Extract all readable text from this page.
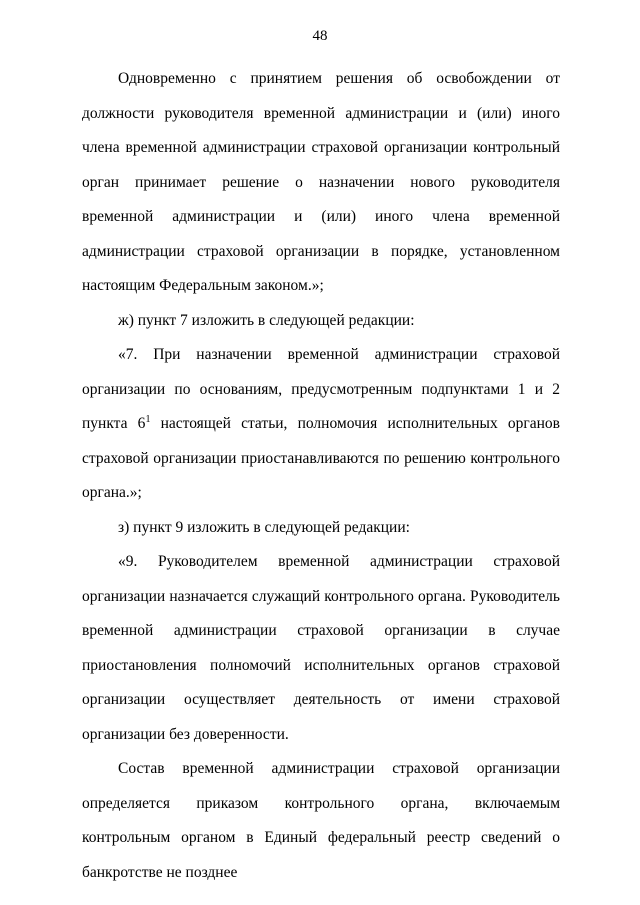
48

Одновременно с принятием решения об освобождении от должности руководителя временной администрации и (или) иного члена временной администрации страховой организации контрольный орган принимает решение о назначении нового руководителя временной администрации и (или) иного члена временной администрации страховой организации в порядке, установленном настоящим Федеральным законом.»;

ж) пункт 7 изложить в следующей редакции:

«7. При назначении временной администрации страховой организации по основаниям, предусмотренным подпунктами 1 и 2 пункта $6^1$ настоящей статьи, полномочия исполнительных органов страховой организации приостанавливаются по решению контрольного органа.»;

з) пункт 9 изложить в следующей редакции:

«9. Руководителем временной администрации страховой организации назначается служащий контрольного органа. Руководитель временной администрации страховой организации в случае приостановления полномочий исполнительных органов страховой организации осуществляет деятельность от имени страховой организации без доверенности.

Состав временной администрации страховой организации определяется приказом контрольного органа, включаемым контрольным органом в Единый федеральный реестр сведений о банкротстве не позднее
